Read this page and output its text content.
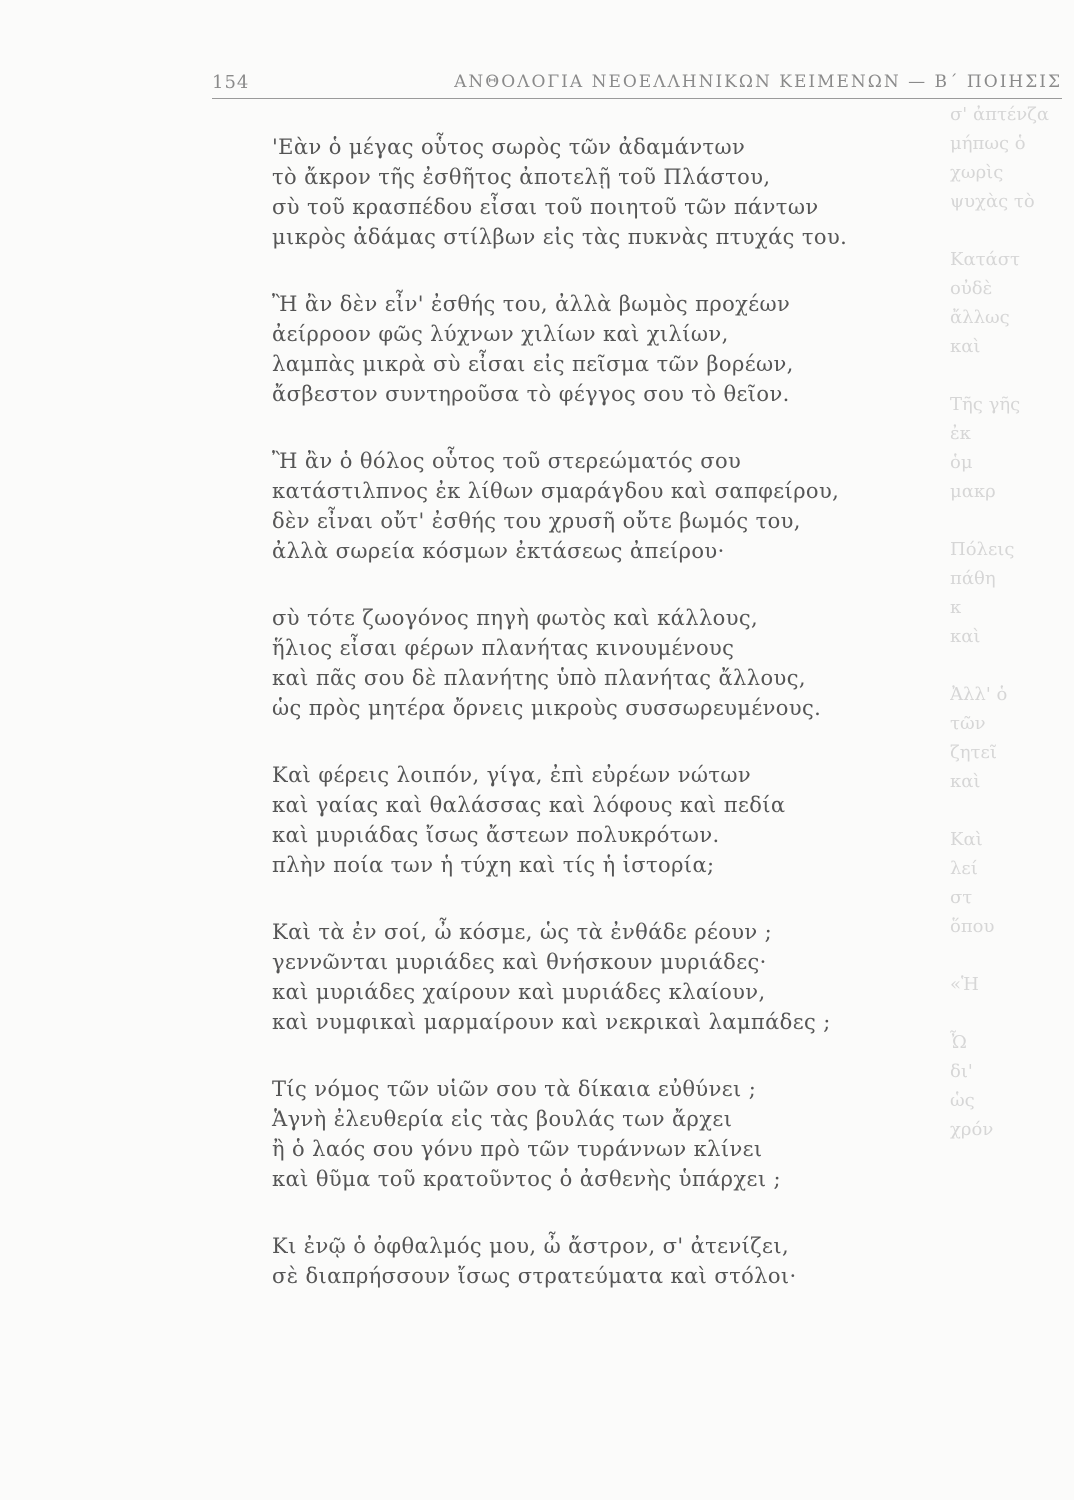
154	ΑΝΘΟΛΟΓΙΑ ΝΕΟΕΛΛΗΝΙΚΩΝ ΚΕΙΜΕΝΩΝ — Β΄ ΠΟΙΗΣΙΣ
σ' ἀπτένζα
μήπως ὁ
χωρὶς
ψυχὰς τὸ

Κατάστ
οὐδὲ
ἄλλως
καὶ

Τῆς γῆς
ἐκ
ὁμ
μακρ

Πόλεις
πάθη
κ
καὶ

Ἀλλ' ὁ
τῶν
ζητεῖ
καὶ

Καὶ
λεί
στ
ὅπου

«Ἡ

Ὦ
δι'
ὡς
χρόν
'Εὰν ὁ μέγας οὗτος σωρὸς τῶν ἀδαμάντων
τὸ ἄκρον τῆς ἐσθῆτος ἀποτελῇ τοῦ Πλάστου,
σὺ τοῦ κρασπέδου εἶσαι τοῦ ποιητοῦ τῶν πάντων
μικρὸς ἀδάμας στίλβων εἰς τὰς πυκνὰς πτυχάς του.
Ἢ ἂν δὲν εἶν' ἐσθής του, ἀλλὰ βωμὸς προχέων
ἀείρροον φῶς λύχνων χιλίων καὶ χιλίων,
λαμπὰς μικρὰ σὺ εἶσαι εἰς πεῖσμα τῶν βορέων,
ἄσβεστον συντηροῦσα τὸ φέγγος σου τὸ θεῖον.
Ἢ ἂν ὁ θόλος οὗτος τοῦ στερεώματός σου
κατάστιλπνος ἐκ λίθων σμαράγδου καὶ σαπφείρου,
δὲν εἶναι οὔτ' ἐσθής του χρυσῆ οὔτε βωμός του,
ἀλλὰ σωρεία κόσμων ἐκτάσεως ἀπείρου·
σὺ τότε ζωογόνος πηγὴ φωτὸς καὶ κάλλους,
ἥλιος εἶσαι φέρων πλανήτας κινουμένους
καὶ πᾶς σου δὲ πλανήτης ὑπὸ πλανήτας ἄλλους,
ὡς πρὸς μητέρα ὄρνεις μικροὺς συσσωρευμένους.
Καὶ φέρεις λοιπόν, γίγα, ἐπὶ εὐρέων νώτων
καὶ γαίας καὶ θαλάσσας καὶ λόφους καὶ πεδία
καὶ μυριάδας ἴσως ἄστεων πολυκρότων.
πλὴν ποία των ἡ τύχη καὶ τίς ἡ ἱστορία;
Καὶ τὰ ἐν σοί, ὦ κόσμε, ὡς τὰ ἐνθάδε ρέουν ;
γεννῶνται μυριάδες καὶ θνήσκουν μυριάδες·
καὶ μυριάδες χαίρουν καὶ μυριάδες κλαίουν,
καὶ νυμφικαὶ μαρμαίρουν καὶ νεκρικαὶ λαμπάδες ;
Τίς νόμος τῶν υἱῶν σου τὰ δίκαια εὐθύνει ;
Ἁγνὴ ἐλευθερία εἰς τὰς βουλάς των ἄρχει
ἢ ὁ λαός σου γόνυ πρὸ τῶν τυράννων κλίνει
καὶ θῦμα τοῦ κρατοῦντος ὁ ἀσθενὴς ὑπάρχει ;
Κι ἐνῷ ὁ ὀφθαλμός μου, ὦ ἄστρον, σ' ἀτενίζει,
σὲ διαπρήσσουν ἴσως στρατεύματα καὶ στόλοι·
